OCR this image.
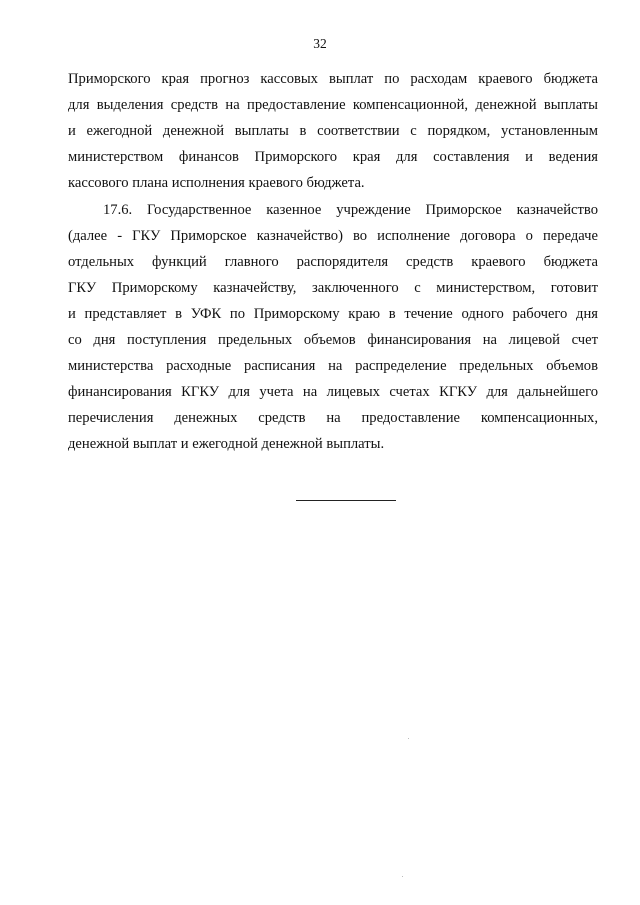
32
Приморского края прогноз кассовых выплат по расходам краевого бюджета
для выделения средств на предоставление компенсационной, денежной выплаты
и ежегодной денежной выплаты в соответствии с порядком, установленным
министерством финансов Приморского края для составления и ведения
кассового плана исполнения краевого бюджета.
17.6. Государственное казенное учреждение Приморское казначейство
(далее - ГКУ Приморское казначейство) во исполнение договора о передаче
отдельных функций главного распорядителя средств краевого бюджета
ГКУ Приморскому казначейству, заключенного с министерством, готовит
и представляет в УФК по Приморскому краю в течение одного рабочего дня
со дня поступления предельных объемов финансирования на лицевой счет
министерства расходные расписания на распределение предельных объемов
финансирования КГКУ для учета на лицевых счетах КГКУ для дальнейшего
перечисления денежных средств на предоставление компенсационных,
денежной выплат и ежегодной денежной выплаты.
